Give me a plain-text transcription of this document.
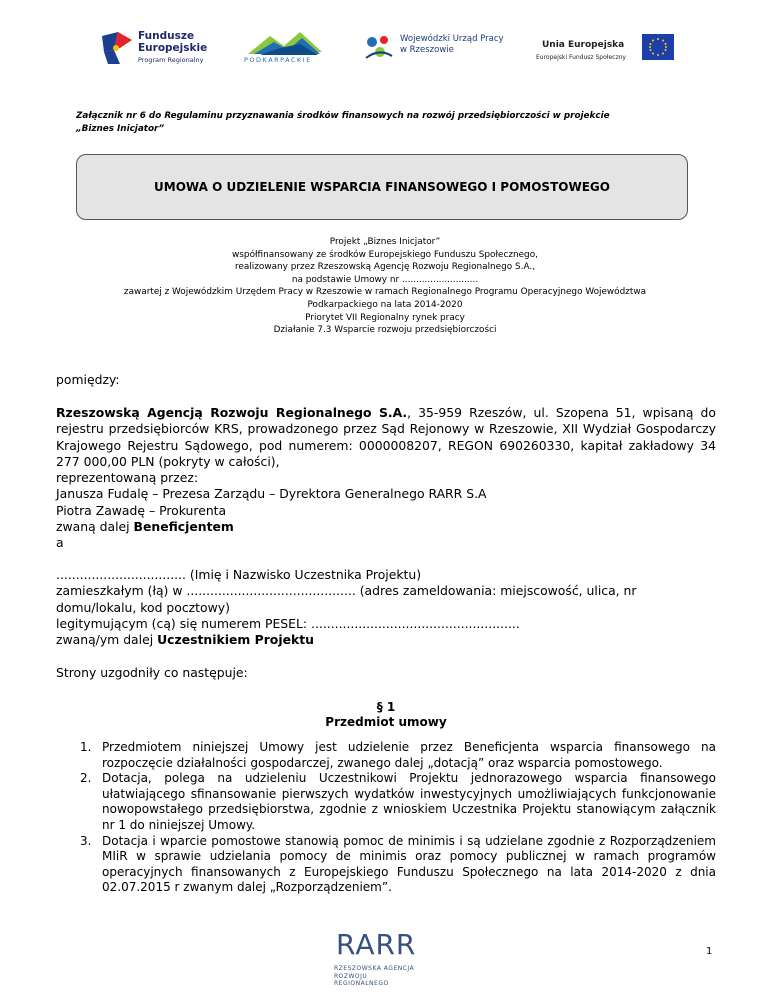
Fundusze
Europejskie
Program Regionalny	PODKARPACKIE
Wojewódzki Urząd Pracy
w Rzeszowie	Unia Europejska
Europejski Fundusz Społeczny
Załącznik nr 6 do Regulaminu przyznawania środków finansowych na rozwój przedsiębiorczości w projekcie
„Biznes Inicjator”
UMOWA O UDZIELENIE WSPARCIA FINANSOWEGO I POMOSTOWEGO
Projekt „Biznes Inicjator”
współfinansowany ze środków Europejskiego Funduszu Społecznego,
realizowany przez Rzeszowską Agencję Rozwoju Regionalnego S.A.,
na podstawie Umowy nr ...........................
zawartej z Wojewódzkim Urzędem Pracy w Rzeszowie w ramach Regionalnego Programu Operacyjnego Województwa
Podkarpackiego na lata 2014-2020
Priorytet VII Regionalny rynek pracy
Działanie 7.3 Wsparcie rozwoju przedsiębiorczości
pomiędzy:
Rzeszowską Agencją Rozwoju Regionalnego S.A., 35-959 Rzeszów, ul. Szopena 51, wpisaną do rejestru przedsiębiorców KRS, prowadzonego przez Sąd Rejonowy w Rzeszowie, XII Wydział Gospodarczy Krajowego Rejestru Sądowego, pod numerem: 0000008207, REGON 690260330, kapitał zakładowy 34 277 000,00 PLN (pokryty w całości),
reprezentowaną przez:
Janusza Fudalę – Prezesa Zarządu – Dyrektora Generalnego RARR S.A
Piotra Zawadę – Prokurenta
zwaną dalej Beneficjentem
a
................................. (Imię i Nazwisko Uczestnika Projektu)
zamieszkałym (łą) w ........................................... (adres zameldowania: miejscowość, ulica, nr domu/lokalu, kod pocztowy)
legitymującym (cą) się numerem PESEL: .....................................................
zwaną/ym dalej Uczestnikiem Projektu
Strony uzgodniły co następuje:
§ 1
Przedmiot umowy
1. Przedmiotem niniejszej Umowy jest udzielenie przez Beneficjenta wsparcia finansowego na rozpoczęcie działalności gospodarczej, zwanego dalej „dotacją” oraz wsparcia pomostowego.
2. Dotacja, polega na udzieleniu Uczestnikowi Projektu jednorazowego wsparcia finansowego ułatwiającego sfinansowanie pierwszych wydatków inwestycyjnych umożliwiających funkcjonowanie nowopowstałego przedsiębiorstwa, zgodnie z wnioskiem Uczestnika Projektu stanowiącym załącznik nr 1 do niniejszej Umowy.
3. Dotacja i wparcie pomostowe stanowią pomoc de minimis i są udzielane zgodnie z Rozporządzeniem MIiR w sprawie udzielania pomocy de minimis oraz pomocy publicznej w ramach programów operacyjnych finansowanych z Europejskiego Funduszu Społecznego na lata 2014-2020 z dnia 02.07.2015 r zwanym dalej „Rozporządzeniem”.
RARR
RZESZOWSKA AGENCJA
ROZWOJU REGIONALNEGO
1
